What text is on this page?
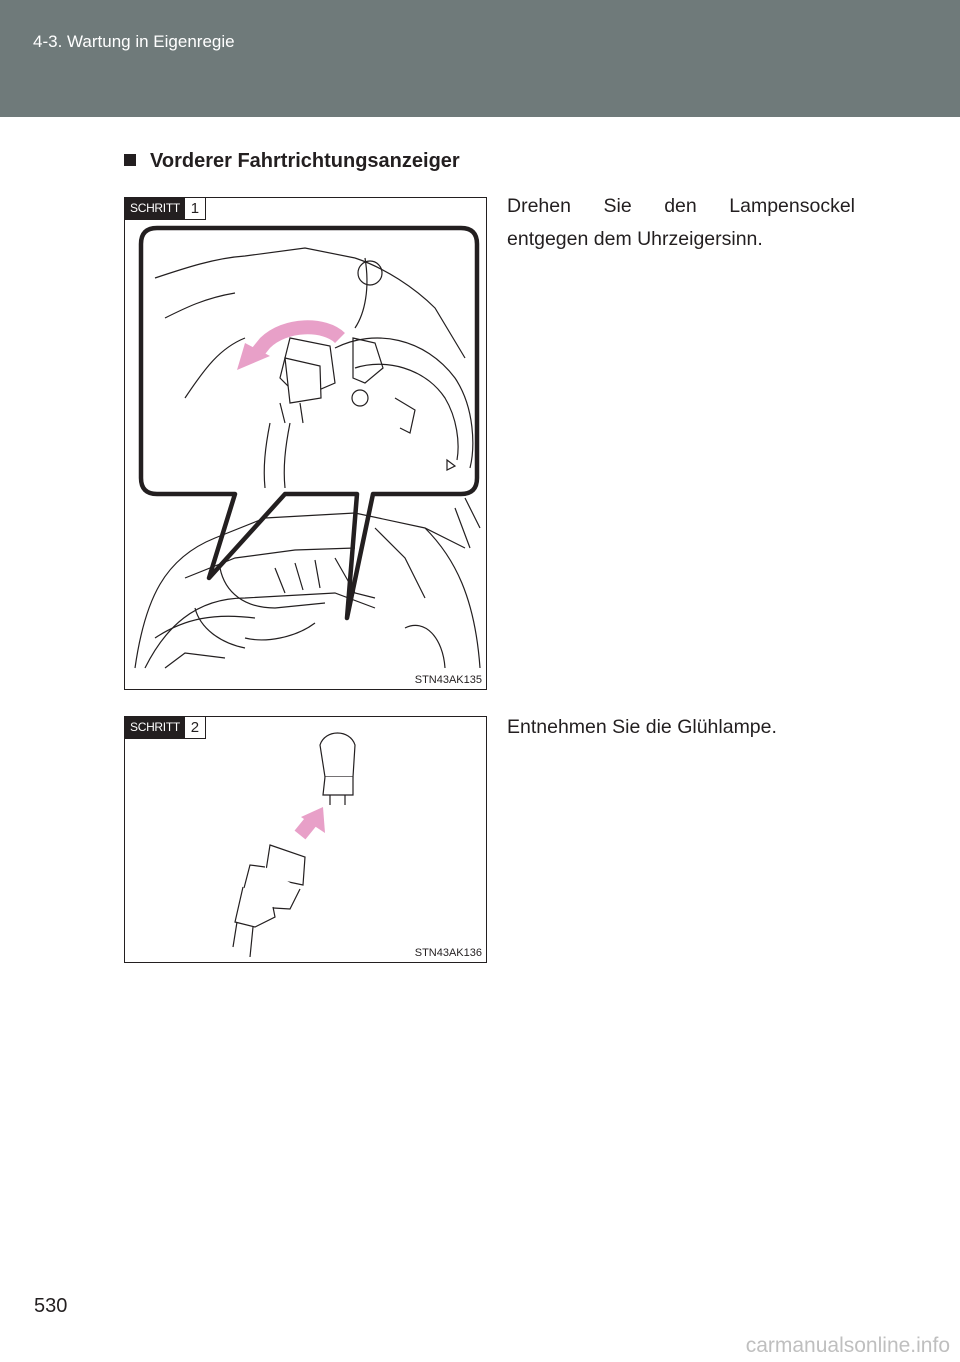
4-3. Wartung in Eigenregie
Vorderer Fahrtrichtungsanzeiger
SCHRITT 1
STN43AK135
Drehen Sie den Lampensockel entgegen dem Uhrzeigersinn.
SCHRITT 2
STN43AK136
Entnehmen Sie die Glühlampe.
530
carmanualsonline.info
